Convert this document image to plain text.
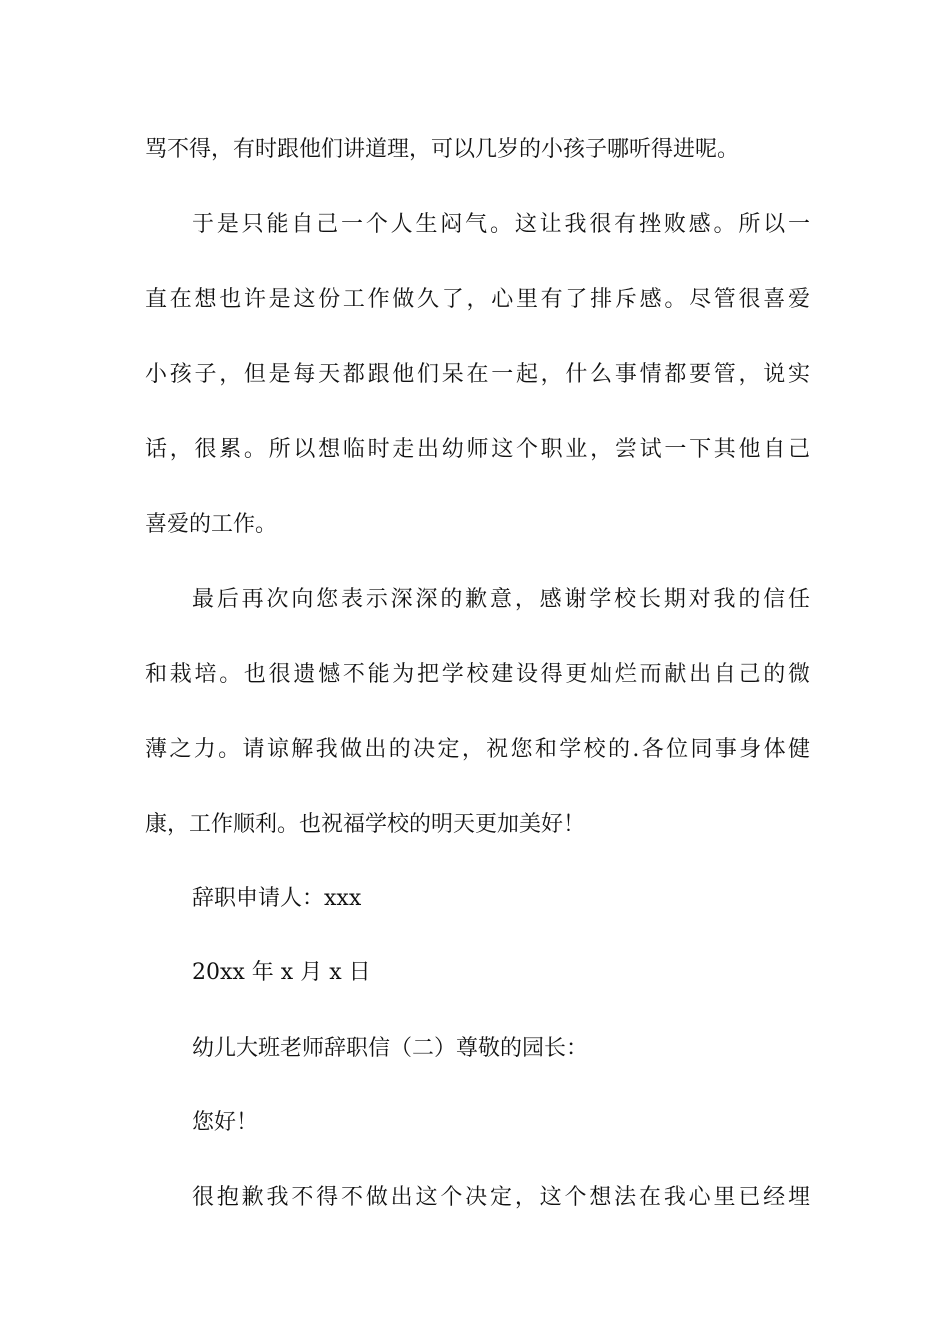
骂不得，有时跟他们讲道理，可以几岁的小孩子哪听得进呢。
于是只能自己一个人生闷气。这让我很有挫败感。所以一
直在想也许是这份工作做久了，心里有了排斥感。尽管很喜爱
小孩子，但是每天都跟他们呆在一起，什么事情都要管，说实
话，很累。所以想临时走出幼师这个职业，尝试一下其他自己
喜爱的工作。
最后再次向您表示深深的歉意，感谢学校长期对我的信任
和栽培。也很遗憾不能为把学校建设得更灿烂而献出自己的微
薄之力。请谅解我做出的决定，祝您和学校的.各位同事身体健
康，工作顺利。也祝福学校的明天更加美好！
辞职申请人：xxx
20xx 年 x 月 x 日
幼儿大班老师辞职信（二）尊敬的园长：
您好！
很抱歉我不得不做出这个决定，这个想法在我心里已经埋
